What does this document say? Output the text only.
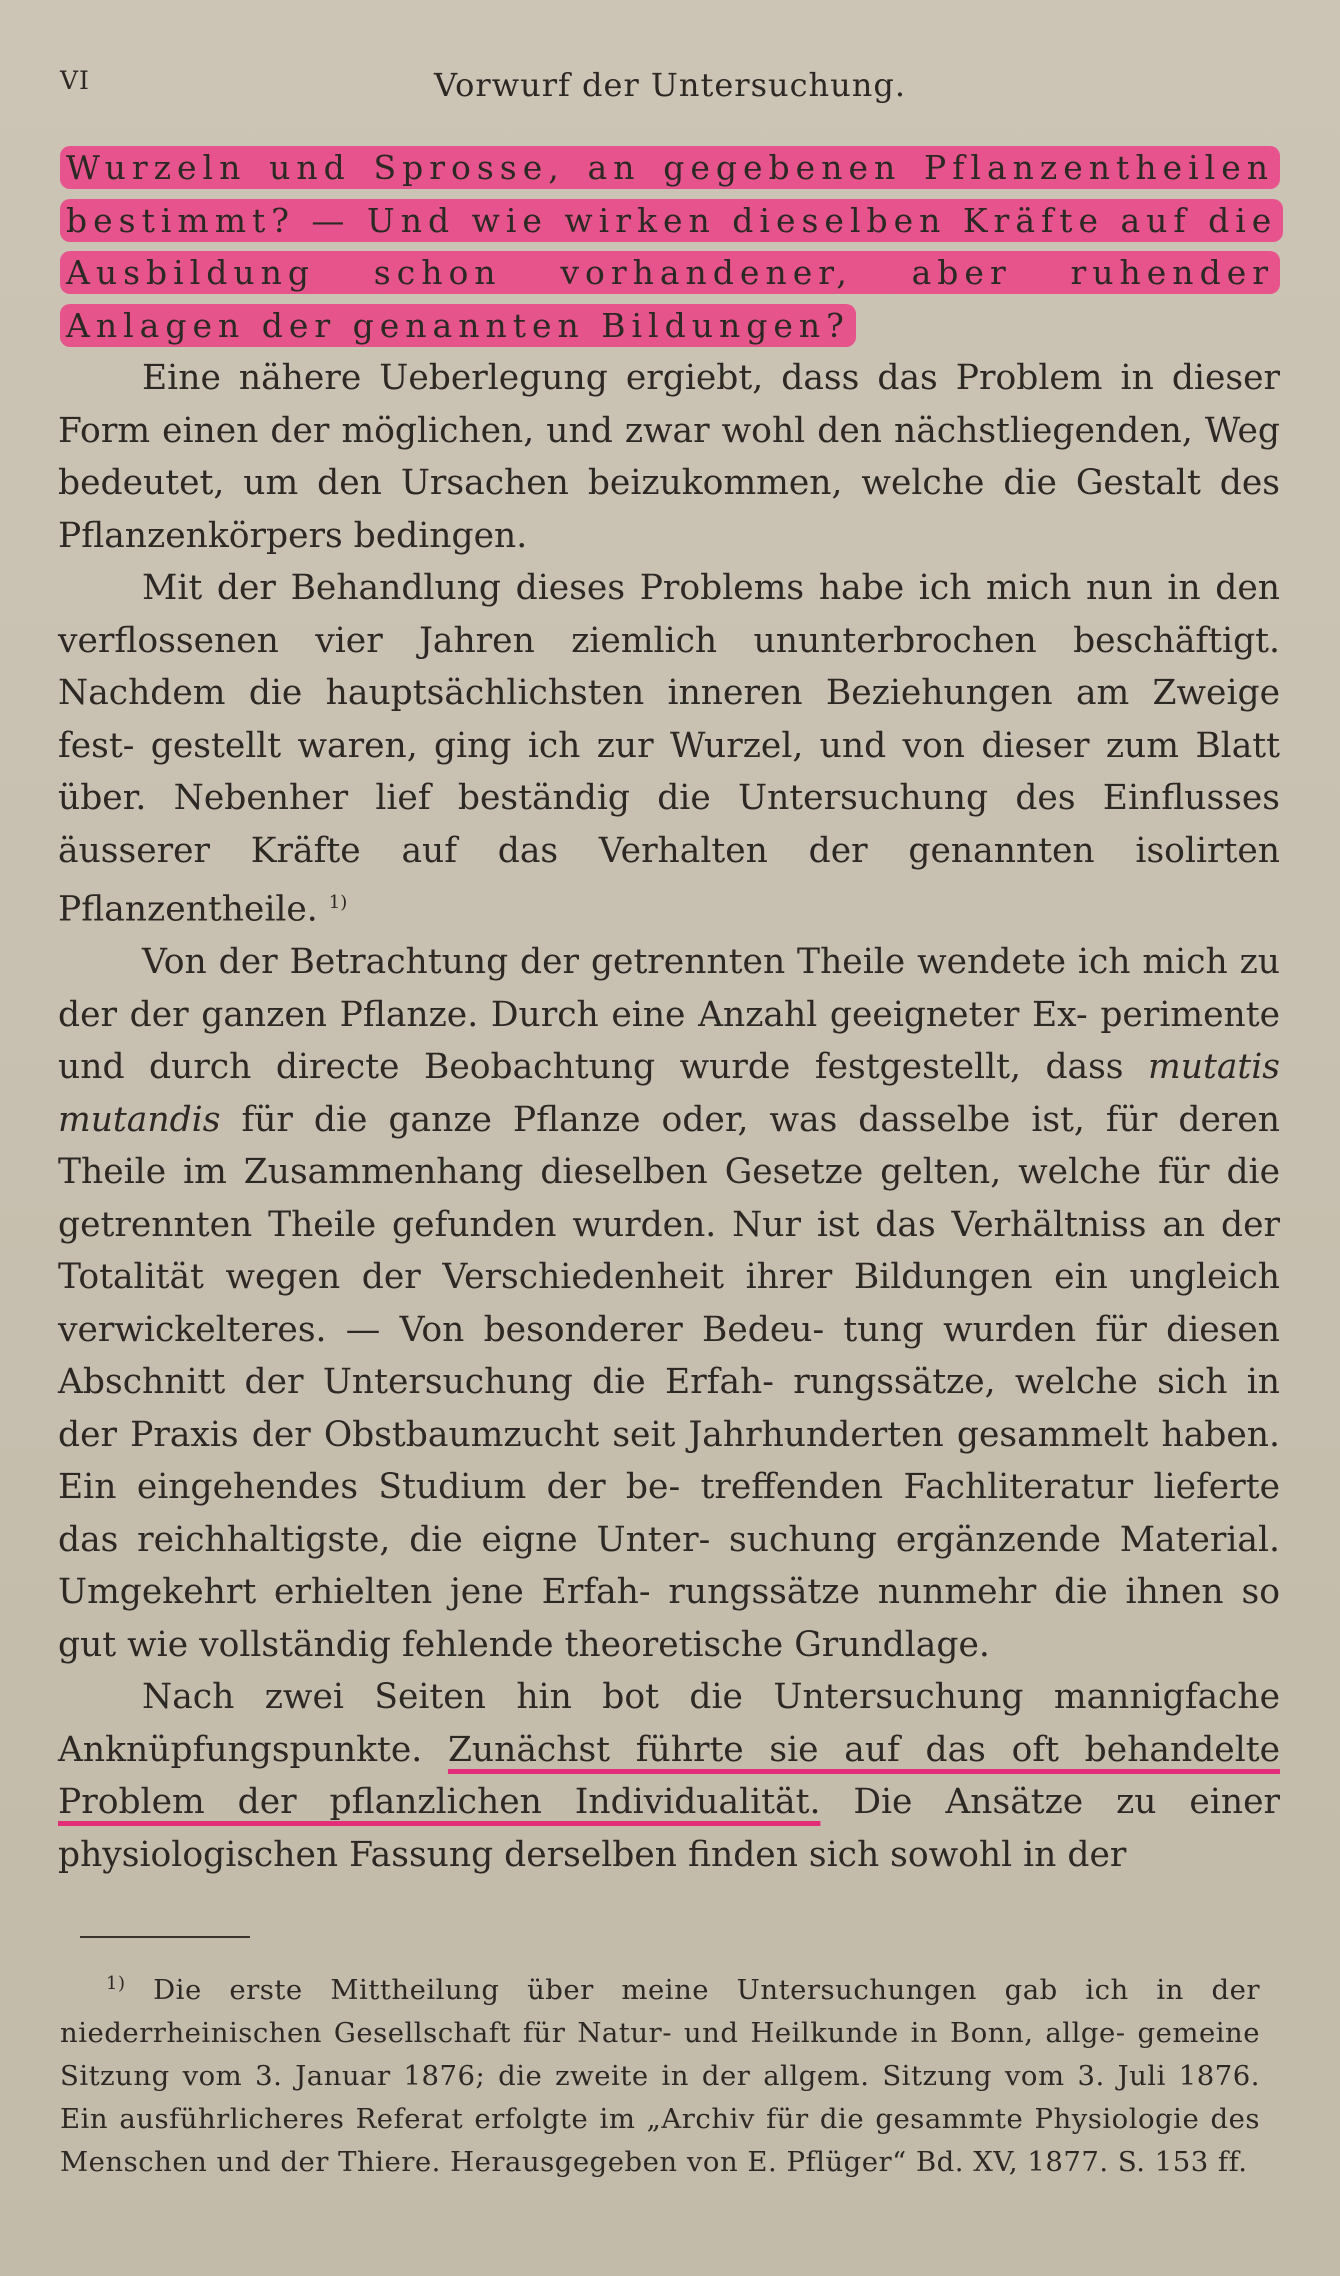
VI	Vorwurf der Untersuchung.

Wurzeln und Sprosse, an gegebenen Pflanzentheilen bestimmt? — Und wie wirken dieselben Kräfte auf die Ausbildung schon vorhandener, aber ruhender Anlagen der genannten Bildungen?

Eine nähere Ueberlegung ergiebt, dass das Problem in dieser Form einen der möglichen, und zwar wohl den nächstliegenden, Weg bedeutet, um den Ursachen beizukommen, welche die Gestalt des Pflanzenkörpers bedingen.

Mit der Behandlung dieses Problems habe ich mich nun in den verflossenen vier Jahren ziemlich ununterbrochen beschäftigt. Nachdem die hauptsächlichsten inneren Beziehungen am Zweige fest- gestellt waren, ging ich zur Wurzel, und von dieser zum Blatt über. Nebenher lief beständig die Untersuchung des Einflusses äusserer Kräfte auf das Verhalten der genannten isolirten Pflanzentheile. $^{1)}$

Von der Betrachtung der getrennten Theile wendete ich mich zu der der ganzen Pflanze. Durch eine Anzahl geeigneter Ex- perimente und durch directe Beobachtung wurde festgestellt, dass mutatis mutandis für die ganze Pflanze oder, was dasselbe ist, für deren Theile im Zusammenhang dieselben Gesetze gelten, welche für die getrennten Theile gefunden wurden. Nur ist das Verhältniss an der Totalität wegen der Verschiedenheit ihrer Bildungen ein ungleich verwickelteres. — Von besonderer Bedeu- tung wurden für diesen Abschnitt der Untersuchung die Erfah- rungssätze, welche sich in der Praxis der Obstbaumzucht seit Jahrhunderten gesammelt haben. Ein eingehendes Studium der be- treffenden Fachliteratur lieferte das reichhaltigste, die eigne Unter- suchung ergänzende Material. Umgekehrt erhielten jene Erfah- rungssätze nunmehr die ihnen so gut wie vollständig fehlende theoretische Grundlage.

Nach zwei Seiten hin bot die Untersuchung mannigfache Anknüpfungspunkte. Zunächst führte sie auf das oft behandelte Problem der pflanzlichen Individualität. Die Ansätze zu einer physiologischen Fassung derselben finden sich sowohl in der

$^{1)}$ Die erste Mittheilung über meine Untersuchungen gab ich in der niederrheinischen Gesellschaft für Natur- und Heilkunde in Bonn, allge- gemeine Sitzung vom 3. Januar 1876; die zweite in der allgem. Sitzung vom 3. Juli 1876. Ein ausführlicheres Referat erfolgte im „Archiv für die gesammte Physiologie des Menschen und der Thiere. Herausgegeben von E. Pflüger“ Bd. XV, 1877. S. 153 ff.
